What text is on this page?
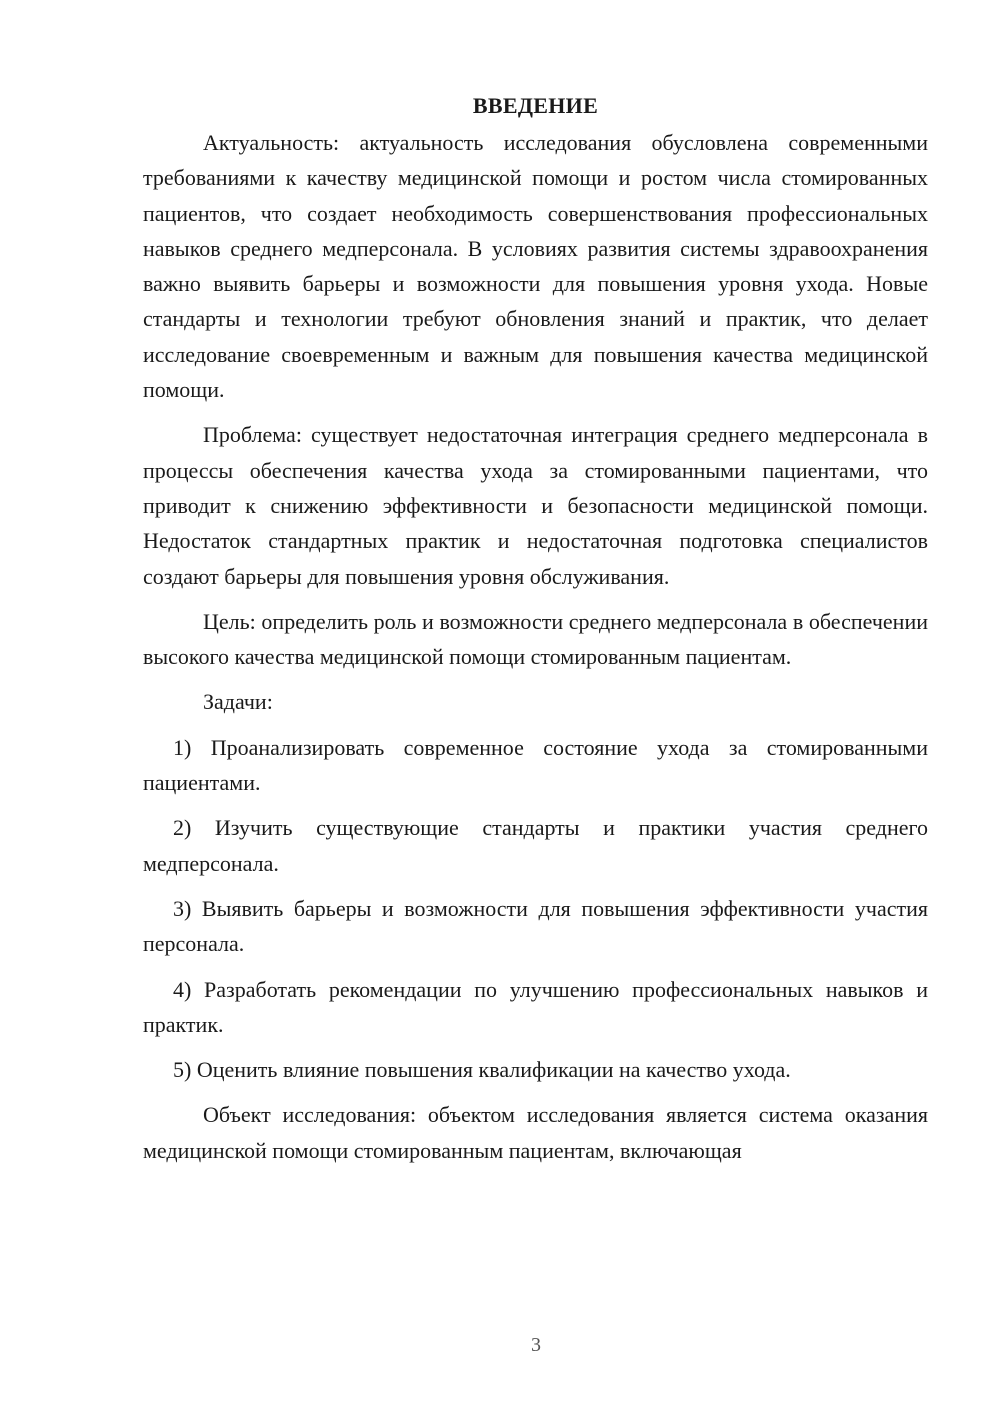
ВВЕДЕНИЕ

Актуальность: актуальность исследования обусловлена современными требованиями к качеству медицинской помощи и ростом числа стомированных пациентов, что создает необходимость совершенствования профессиональных навыков среднего медперсонала. В условиях развития системы здравоохранения важно выявить барьеры и возможности для повышения уровня ухода. Новые стандарты и технологии требуют обновления знаний и практик, что делает исследование своевременным и важным для повышения качества медицинской помощи.

Проблема: существует недостаточная интеграция среднего медперсонала в процессы обеспечения качества ухода за стомированными пациентами, что приводит к снижению эффективности и безопасности медицинской помощи. Недостаток стандартных практик и недостаточная подготовка специалистов создают барьеры для повышения уровня обслуживания.

Цель: определить роль и возможности среднего медперсонала в обеспечении высокого качества медицинской помощи стомированным пациентам.

Задачи:

1) Проанализировать современное состояние ухода за стомированными пациентами.

2) Изучить существующие стандарты и практики участия среднего медперсонала.

3) Выявить барьеры и возможности для повышения эффективности участия персонала.

4) Разработать рекомендации по улучшению профессиональных навыков и практик.

5) Оценить влияние повышения квалификации на качество ухода.

Объект исследования: объектом исследования является система оказания медицинской помощи стомированным пациентам, включающая

3
